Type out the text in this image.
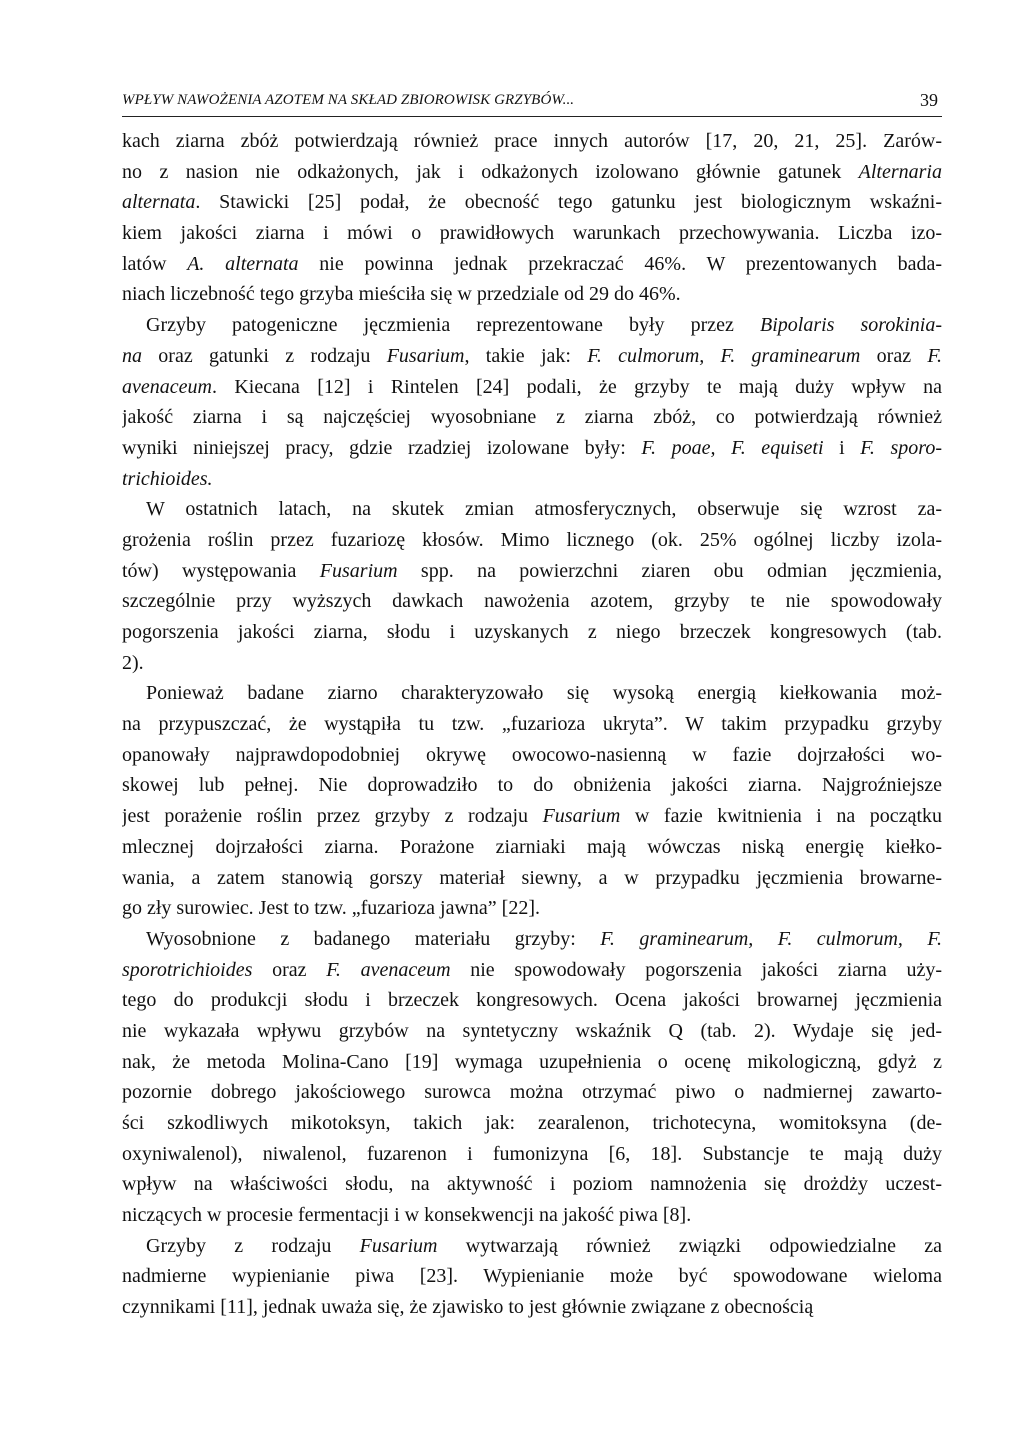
WPŁYW NAWOŻENIA AZOTEM NA SKŁAD ZBIOROWISK GRZYBÓW...	39
kach ziarna zbóż potwierdzają również prace innych autorów [17, 20, 21, 25]. Zarów-
no z nasion nie odkażonych, jak i odkażonych izolowano głównie gatunek Alternaria
alternata. Stawicki [25] podał, że obecność tego gatunku jest biologicznym wskaźni-
kiem jakości ziarna i mówi o prawidłowych warunkach przechowywania. Liczba izo-
latów A. alternata nie powinna jednak przekraczać 46%. W prezentowanych bada-
niach liczebność tego grzyba mieściła się w przedziale od 29 do 46%.
Grzyby patogeniczne jęczmienia reprezentowane były przez Bipolaris sorokinia-
na oraz gatunki z rodzaju Fusarium, takie jak: F. culmorum, F. graminearum oraz F.
avenaceum. Kiecana [12] i Rintelen [24] podali, że grzyby te mają duży wpływ na
jakość ziarna i są najczęściej wyosobniane z ziarna zbóż, co potwierdzają również
wyniki niniejszej pracy, gdzie rzadziej izolowane były: F. poae, F. equiseti i F. sporo-
trichioides.
W ostatnich latach, na skutek zmian atmosferycznych, obserwuje się wzrost za-
grożenia roślin przez fuzariozę kłosów. Mimo licznego (ok. 25% ogólnej liczby izola-
tów) występowania Fusarium spp. na powierzchni ziaren obu odmian jęczmienia,
szczególnie przy wyższych dawkach nawożenia azotem, grzyby te nie spowodowały
pogorszenia jakości ziarna, słodu i uzyskanych z niego brzeczek kongresowych (tab.
2).
Ponieważ badane ziarno charakteryzowało się wysoką energią kiełkowania moż-
na przypuszczać, że wystąpiła tu tzw. „fuzarioza ukryta”. W takim przypadku grzyby
opanowały najprawdopodobniej okrywę owocowo-nasienną w fazie dojrzałości wo-
skowej lub pełnej. Nie doprowadziło to do obniżenia jakości ziarna. Najgroźniejsze
jest porażenie roślin przez grzyby z rodzaju Fusarium w fazie kwitnienia i na początku
mlecznej dojrzałości ziarna. Porażone ziarniaki mają wówczas niską energię kiełko-
wania, a zatem stanowią gorszy materiał siewny, a w przypadku jęczmienia browarne-
go zły surowiec. Jest to tzw. „fuzarioza jawna” [22].
Wyosobnione z badanego materiału grzyby: F. graminearum, F. culmorum, F.
sporotrichioides oraz F. avenaceum nie spowodowały pogorszenia jakości ziarna uży-
tego do produkcji słodu i brzeczek kongresowych. Ocena jakości browarnej jęczmienia
nie wykazała wpływu grzybów na syntetyczny wskaźnik Q (tab. 2). Wydaje się jed-
nak, że metoda Molina-Cano [19] wymaga uzupełnienia o ocenę mikologiczną, gdyż z
pozornie dobrego jakościowego surowca można otrzymać piwo o nadmiernej zawarto-
ści szkodliwych mikotoksyn, takich jak: zearalenon, trichotecyna, womitoksyna (de-
oxyniwalenol), niwalenol, fuzarenon i fumonizyna [6, 18]. Substancje te mają duży
wpływ na właściwości słodu, na aktywność i poziom namnożenia się drożdży uczest-
niczących w procesie fermentacji i w konsekwencji na jakość piwa [8].
Grzyby z rodzaju Fusarium wytwarzają również związki odpowiedzialne za
nadmierne wypienianie piwa [23]. Wypienianie może być spowodowane wieloma
czynnikami [11], jednak uważa się, że zjawisko to jest głównie związane z obecnością
